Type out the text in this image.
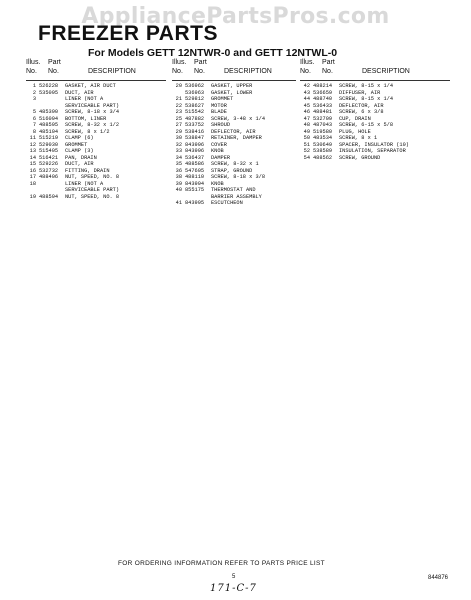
AppliancePartsPros.com
FREEZER PARTS
For Models GETT 12NTWR-0 and GETT 12NTWL-0
Illus.
No.
Part
No.	DESCRIPTION
1 526228	GASKET, AIR DUCT
2 535095	DUCT, AIR
3	LINER (NOT A
SERVICEABLE PART)
5 485390	SCREW, 8-18 x 3/4
6 516094	BOTTOM, LINER
7 488595	SCREW, 8-32 x 1/2
8 485104	SCREW, 8 x 1/2
11 515219	CLAMP (6)
12 529030	GROMMET
13 515405	CLAMP (3)
14 516421	PAN, DRAIN
15 529226	DUCT, AIR
16 532732	FITTING, DRAIN
17 488406	NUT, SPEED, NO. 8
18	LINER (NOT A
SERVICEABLE PART)
19 488594	NUT, SPEED, NO. 8
Illus.
No.
Part
No.	DESCRIPTION
20 536962	GASKET, UPPER
536963	GASKET, LOWER
21 529812	GROMMET
22 538627	MOTOR
23 515542	BLADE
25 487882	SCREW, 3-48 x 1/4
27 533752	SHROUD
29 538416	DEFLECTOR, AIR
30 538847	RETAINER, DAMPER
32 843996	COVER
33 843996	KNOB
34 536437	DAMPER
35 488586	SCREW, 8-32 x 1
36 547605	STRAP, GROUND
38 488110	SCREW, 8-18 x 3/8
39 843994	KNOB
40 855175	THERMOSTAT AND
BARRIER ASSEMBLY
41 843995	ESCUTCHEON
Illus.
No.
Part
No.	DESCRIPTION
42 488214	SCREW, 8-15 x 1/4
43 536659	DIFFUSER, AIR
44 488740	SCREW, 8-15 x 1/4
45 536433	DEFLECTOR, AIR
46 488481	SCREW, 6 x 3/8
47 532709	CUP, DRAIN
48 487043	SCREW, 6-15 x 5/8
49 519580	PLUG, HOLE
50 483534	SCREW, 8 x 1
51 530649	SPACER, INSULATOR (10)
52 538589	INSULATION, SEPARATOR
54 488562	SCREW, GROUND
FOR ORDERING INFORMATION REFER TO PARTS PRICE LIST
5	844876
171-C-7
